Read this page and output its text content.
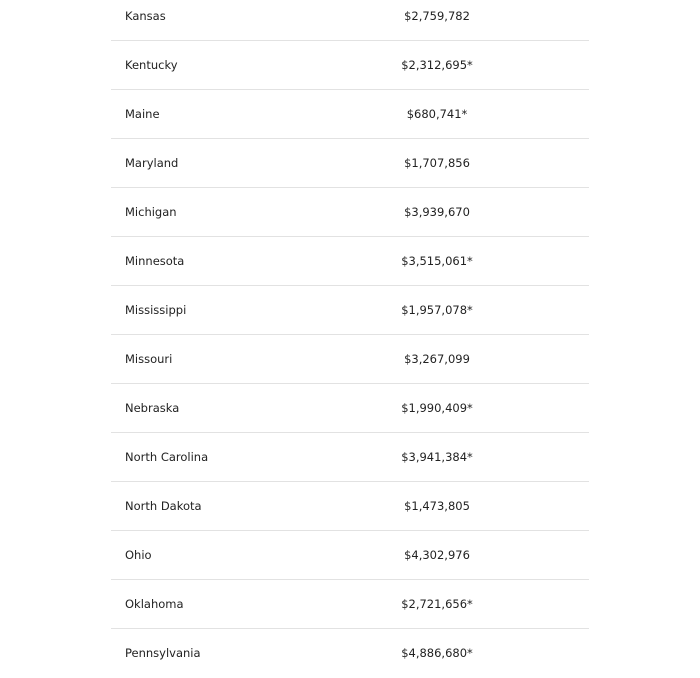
Kansas	$2,759,782
Kentucky	$2,312,695*
Maine	$680,741*
Maryland	$1,707,856
Michigan	$3,939,670
Minnesota	$3,515,061*
Mississippi	$1,957,078*
Missouri	$3,267,099
Nebraska	$1,990,409*
North Carolina	$3,941,384*
North Dakota	$1,473,805
Ohio	$4,302,976
Oklahoma	$2,721,656*
Pennsylvania	$4,886,680*
